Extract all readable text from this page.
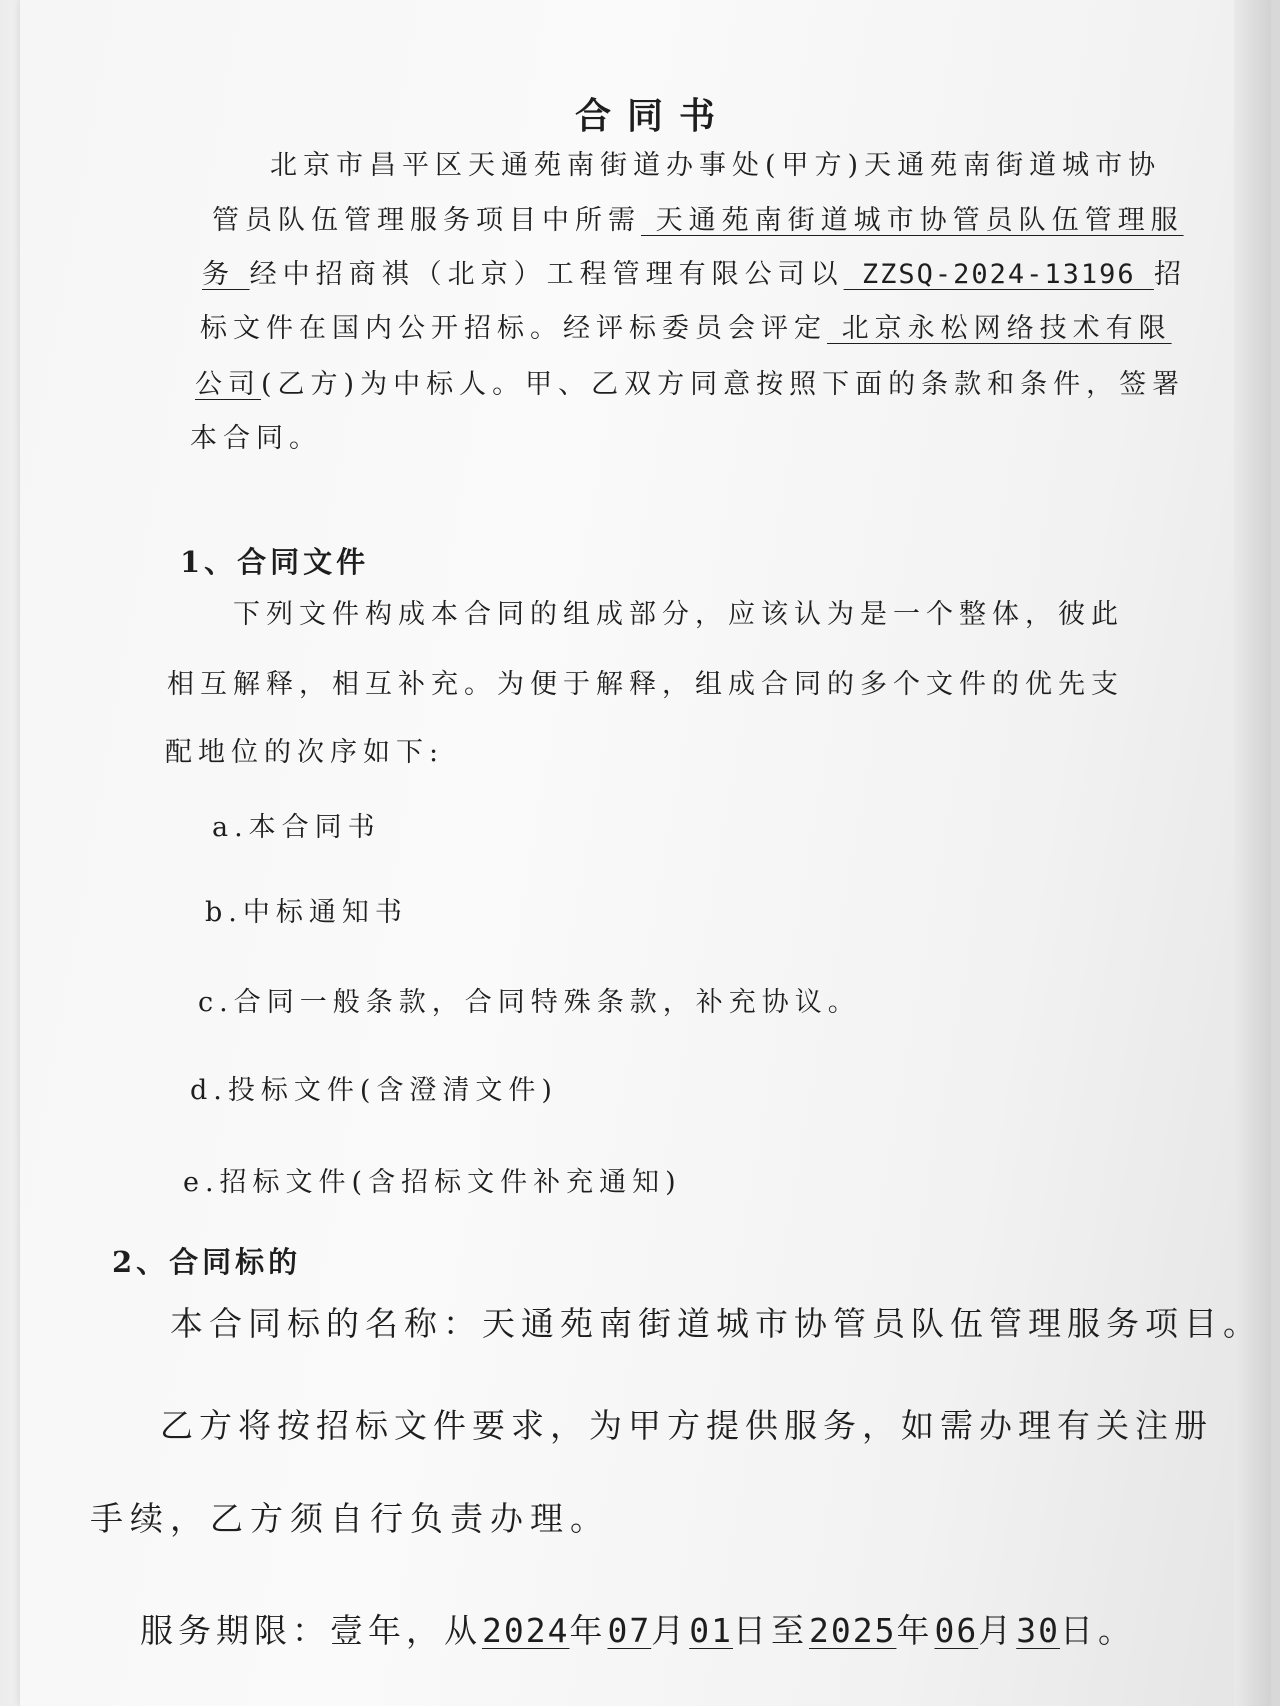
合同书
北京市昌平区天通苑南街道办事处(甲方)天通苑南街道城市协
管员队伍管理服务项目中所需 天通苑南街道城市协管员队伍管理服
务 经中招商祺（北京）工程管理有限公司以 ZZSQ-2024-13196 招
标文件在国内公开招标。经评标委员会评定 北京永松网络技术有限
公司(乙方)为中标人。甲、乙双方同意按照下面的条款和条件，签署
本合同。
1、合同文件
下列文件构成本合同的组成部分，应该认为是一个整体，彼此
相互解释，相互补充。为便于解释，组成合同的多个文件的优先支
配地位的次序如下:
a.本合同书
b.中标通知书
c.合同一般条款，合同特殊条款，补充协议。
d.投标文件(含澄清文件)
e.招标文件(含招标文件补充通知)
2、合同标的
本合同标的名称：天通苑南街道城市协管员队伍管理服务项目。
乙方将按招标文件要求，为甲方提供服务，如需办理有关注册
手续，乙方须自行负责办理。
服务期限：壹年，从2024年07月01日至2025年06月30日。
